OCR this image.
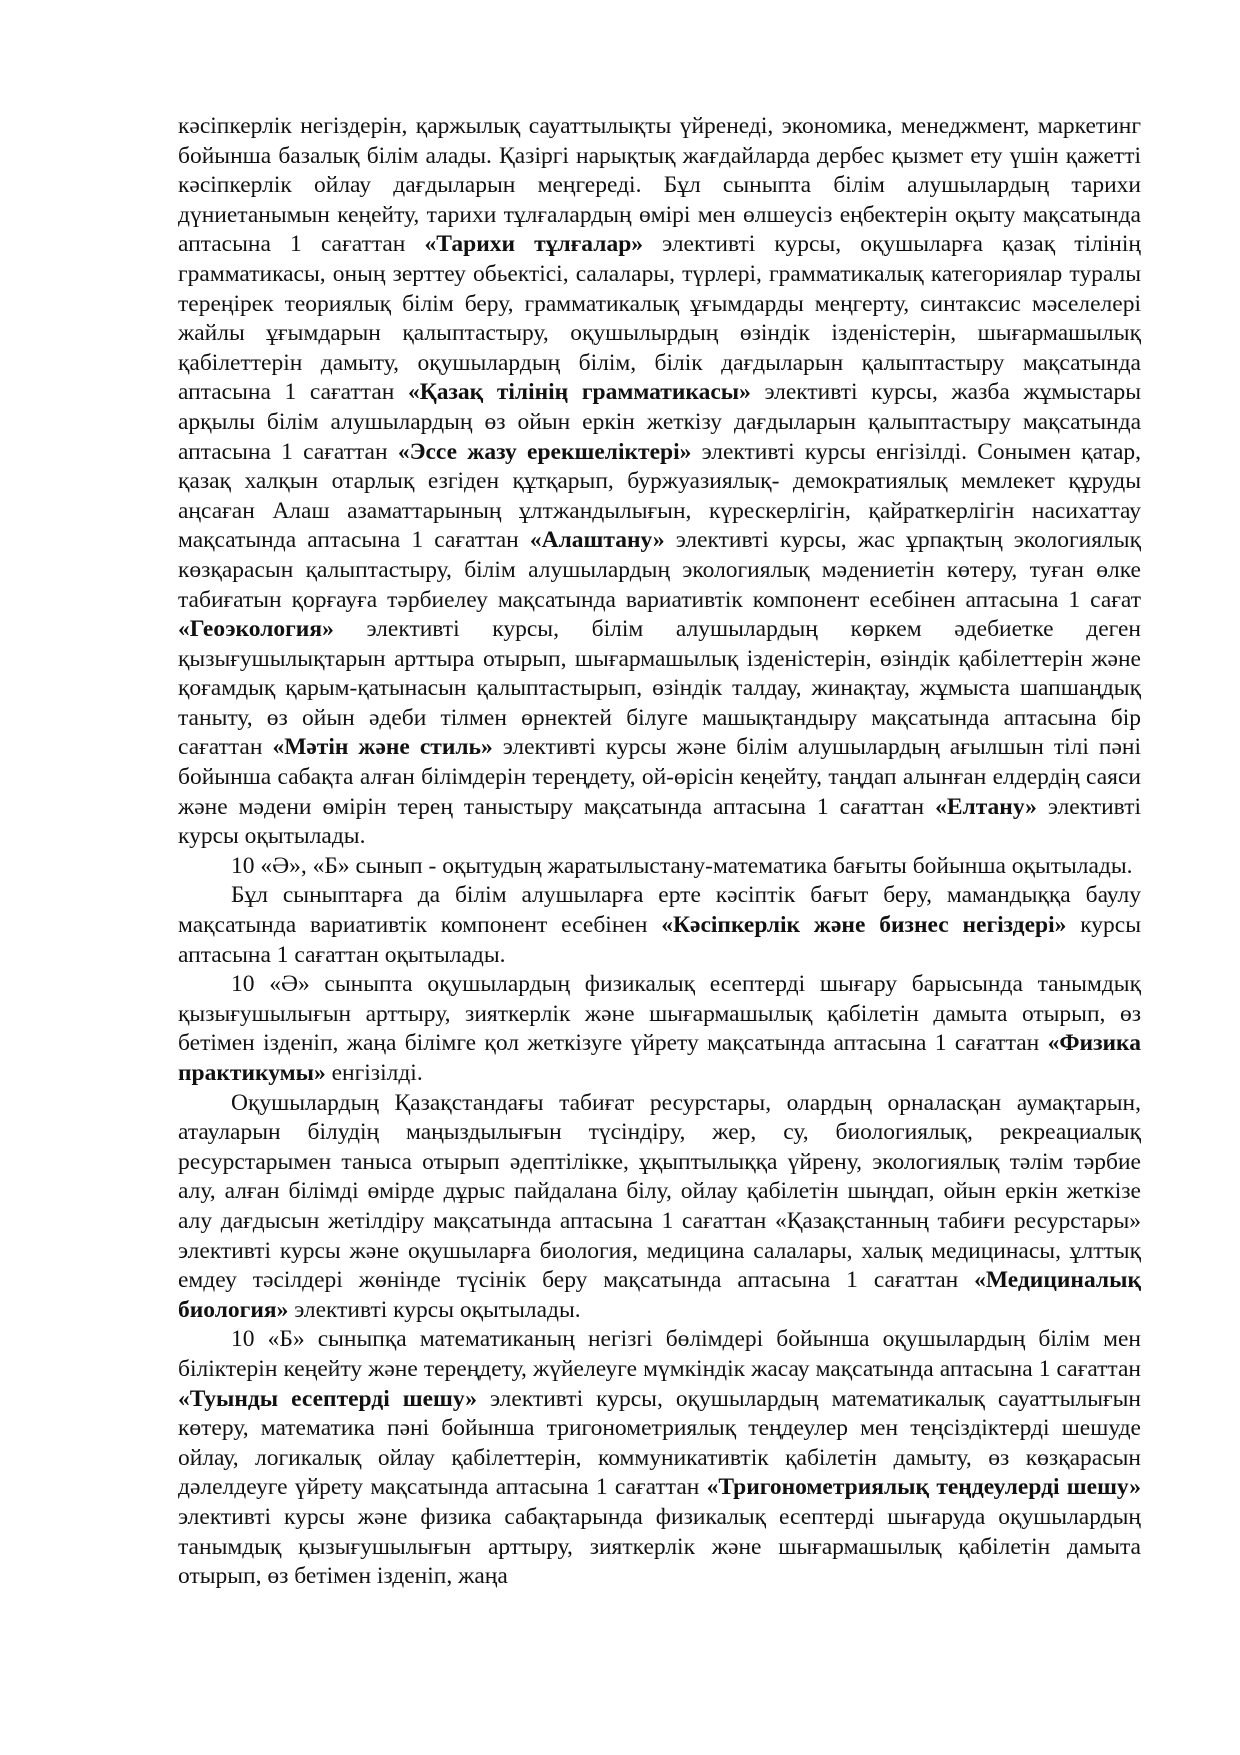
кәсіпкерлік негіздерін, қаржылық сауаттылықты үйренеді, экономика, менеджмент, маркетинг бойынша базалық білім алады. Қазіргі нарықтық жағдайларда дербес қызмет ету үшін қажетті кәсіпкерлік ойлау дағдыларын меңгереді. Бұл сыныпта білім алушылардың тарихи дүниетанымын кеңейту, тарихи тұлғалардың өмірі мен өлшеусіз еңбектерін оқыту мақсатында аптасына 1 сағаттан «Тарихи тұлғалар» элективті курсы, оқушыларға қазақ тілінің грамматикасы, оның зерттеу обьектісі, салалары, түрлері, грамматикалық категориялар туралы тереңірек теориялық білім беру, грамматикалық ұғымдарды меңгерту, синтаксис мәселелері жайлы ұғымдарын қалыптастыру, оқушылырдың өзіндік ізденістерін, шығармашылық қабілеттерін дамыту, оқушылардың білім, білік дағдыларын қалыптастыру мақсатында аптасына 1 сағаттан «Қазақ тілінің грамматикасы» элективті курсы, жазба жұмыстары арқылы білім алушылардың өз ойын еркін жеткізу дағдыларын қалыптастыру мақсатында аптасына 1 сағаттан «Эссе жазу ерекшеліктері» элективті курсы енгізілді. Сонымен қатар, қазақ халқын отарлық езгіден құтқарып, буржуазиялық- демократиялық мемлекет құруды аңсаған Алаш азаматтарының ұлтжандылығын, күрескерлігін, қайраткерлігін насихаттау мақсатында аптасына 1 сағаттан «Алаштану» элективті курсы, жас ұрпақтың экологиялық көзқарасын қалыптастыру, білім алушылардың экологиялық мәдениетін көтеру, туған өлке табиғатын қорғауға тәрбиелеу мақсатында вариативтік компонент есебінен аптасына 1 сағат «Геоэкология» элективті курсы, білім алушылардың көркем әдебиетке деген қызығушылықтарын арттыра отырып, шығармашылық ізденістерін, өзіндік қабілеттерін және қоғамдық қарым-қатынасын қалыптастырып, өзіндік талдау, жинақтау, жұмыста шапшаңдық таныту, өз ойын әдеби тілмен өрнектей білуге машықтандыру мақсатында аптасына бір сағаттан «Мәтін және стиль» элективті курсы және білім алушылардың ағылшын тілі пәні бойынша сабақта алған білімдерін тереңдету, ой-өрісін кеңейту, таңдап алынған елдердің саяси және мәдени өмірін терең таныстыру мақсатында аптасына 1 сағаттан «Елтану» элективті курсы оқытылады.

10 «Ә», «Б» сынып - оқытудың жаратылыстану-математика бағыты бойынша оқытылады.

Бұл сыныптарға да білім алушыларға ерте кәсіптік бағыт беру, мамандыққа баулу мақсатында вариативтік компонент есебінен «Кәсіпкерлік және бизнес негіздері» курсы аптасына 1 сағаттан оқытылады.

10 «Ә» сыныпта оқушылардың физикалық есептерді шығару барысында танымдық қызығушылығын арттыру, зияткерлік және шығармашылық қабілетін дамыта отырып, өз бетімен ізденіп, жаңа білімге қол жеткізуге үйрету мақсатында аптасына 1 сағаттан «Физика практикумы» енгізілді.

Оқушылардың Қазақстандағы табиғат ресурстары, олардың орналасқан аумақтарын, атауларын білудің маңыздылығын түсіндіру, жер, су, биологиялық, рекреациалық ресурстарымен таныса отырып әдептілікке, ұқыптылыққа үйрену, экологиялық тәлім тәрбие алу, алған білімді өмірде дұрыс пайдалана білу, ойлау қабілетін шыңдап, ойын еркін жеткізе алу дағдысын жетілдіру мақсатында аптасына 1 сағаттан «Қазақстанның табиғи ресурстары» элективті курсы және оқушыларға биология, медицина салалары, халық медицинасы, ұлттық емдеу тәсілдері жөнінде түсінік беру мақсатында аптасына 1 сағаттан «Медициналық биология» элективті курсы оқытылады.

10 «Б» сыныпқа математиканың негізгі бөлімдері бойынша оқушылардың білім мен біліктерін кеңейту және тереңдету, жүйелеуге мүмкіндік жасау мақсатында аптасына 1 сағаттан «Туынды есептерді шешу» элективті курсы, оқушылардың математикалық сауаттылығын көтеру, математика пәні бойынша тригонометриялық теңдеулер мен теңсіздіктерді шешуде ойлау, логикалық ойлау қабілеттерін, коммуникативтік қабілетін дамыту, өз көзқарасын дәлелдеуге үйрету мақсатында аптасына 1 сағаттан «Тригонометриялық теңдеулерді шешу» элективті курсы және физика сабақтарында физикалық есептерді шығаруда оқушылардың танымдық қызығушылығын арттыру, зияткерлік және шығармашылық қабілетін дамыта отырып, өз бетімен ізденіп, жаңа
